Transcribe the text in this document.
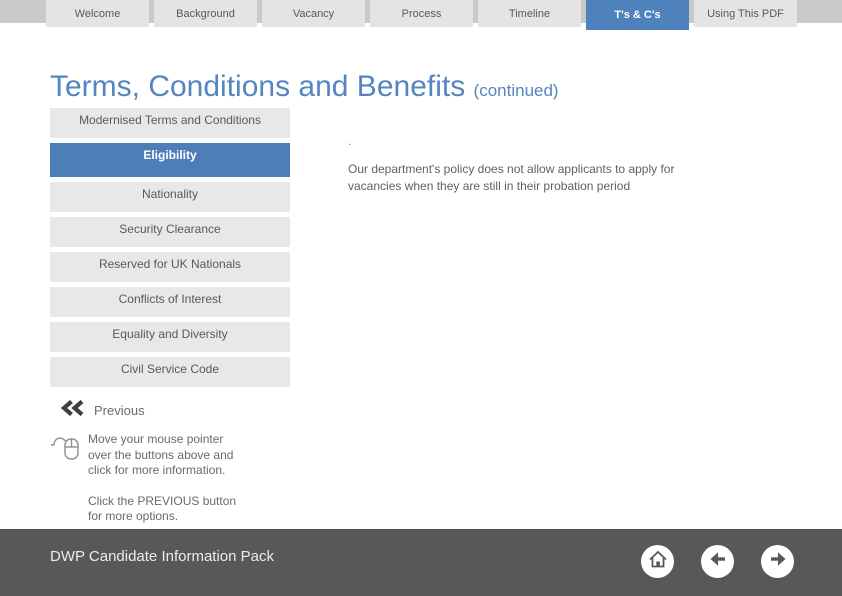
Welcome	Background	Vacancy	Process	Timeline	T's & C's	Using This PDF
Terms, Conditions and Benefits (continued)
Modernised Terms and Conditions
Eligibility
Nationality
Security Clearance
Reserved for UK Nationals
Conflicts of Interest
Equality and Diversity
Civil Service Code
Previous
Move your mouse pointer over the buttons above and click for more information.
Click the PREVIOUS button for more options.
.
Our department's policy does not allow applicants to apply for vacancies when they are still in their probation period
DWP Candidate Information Pack
